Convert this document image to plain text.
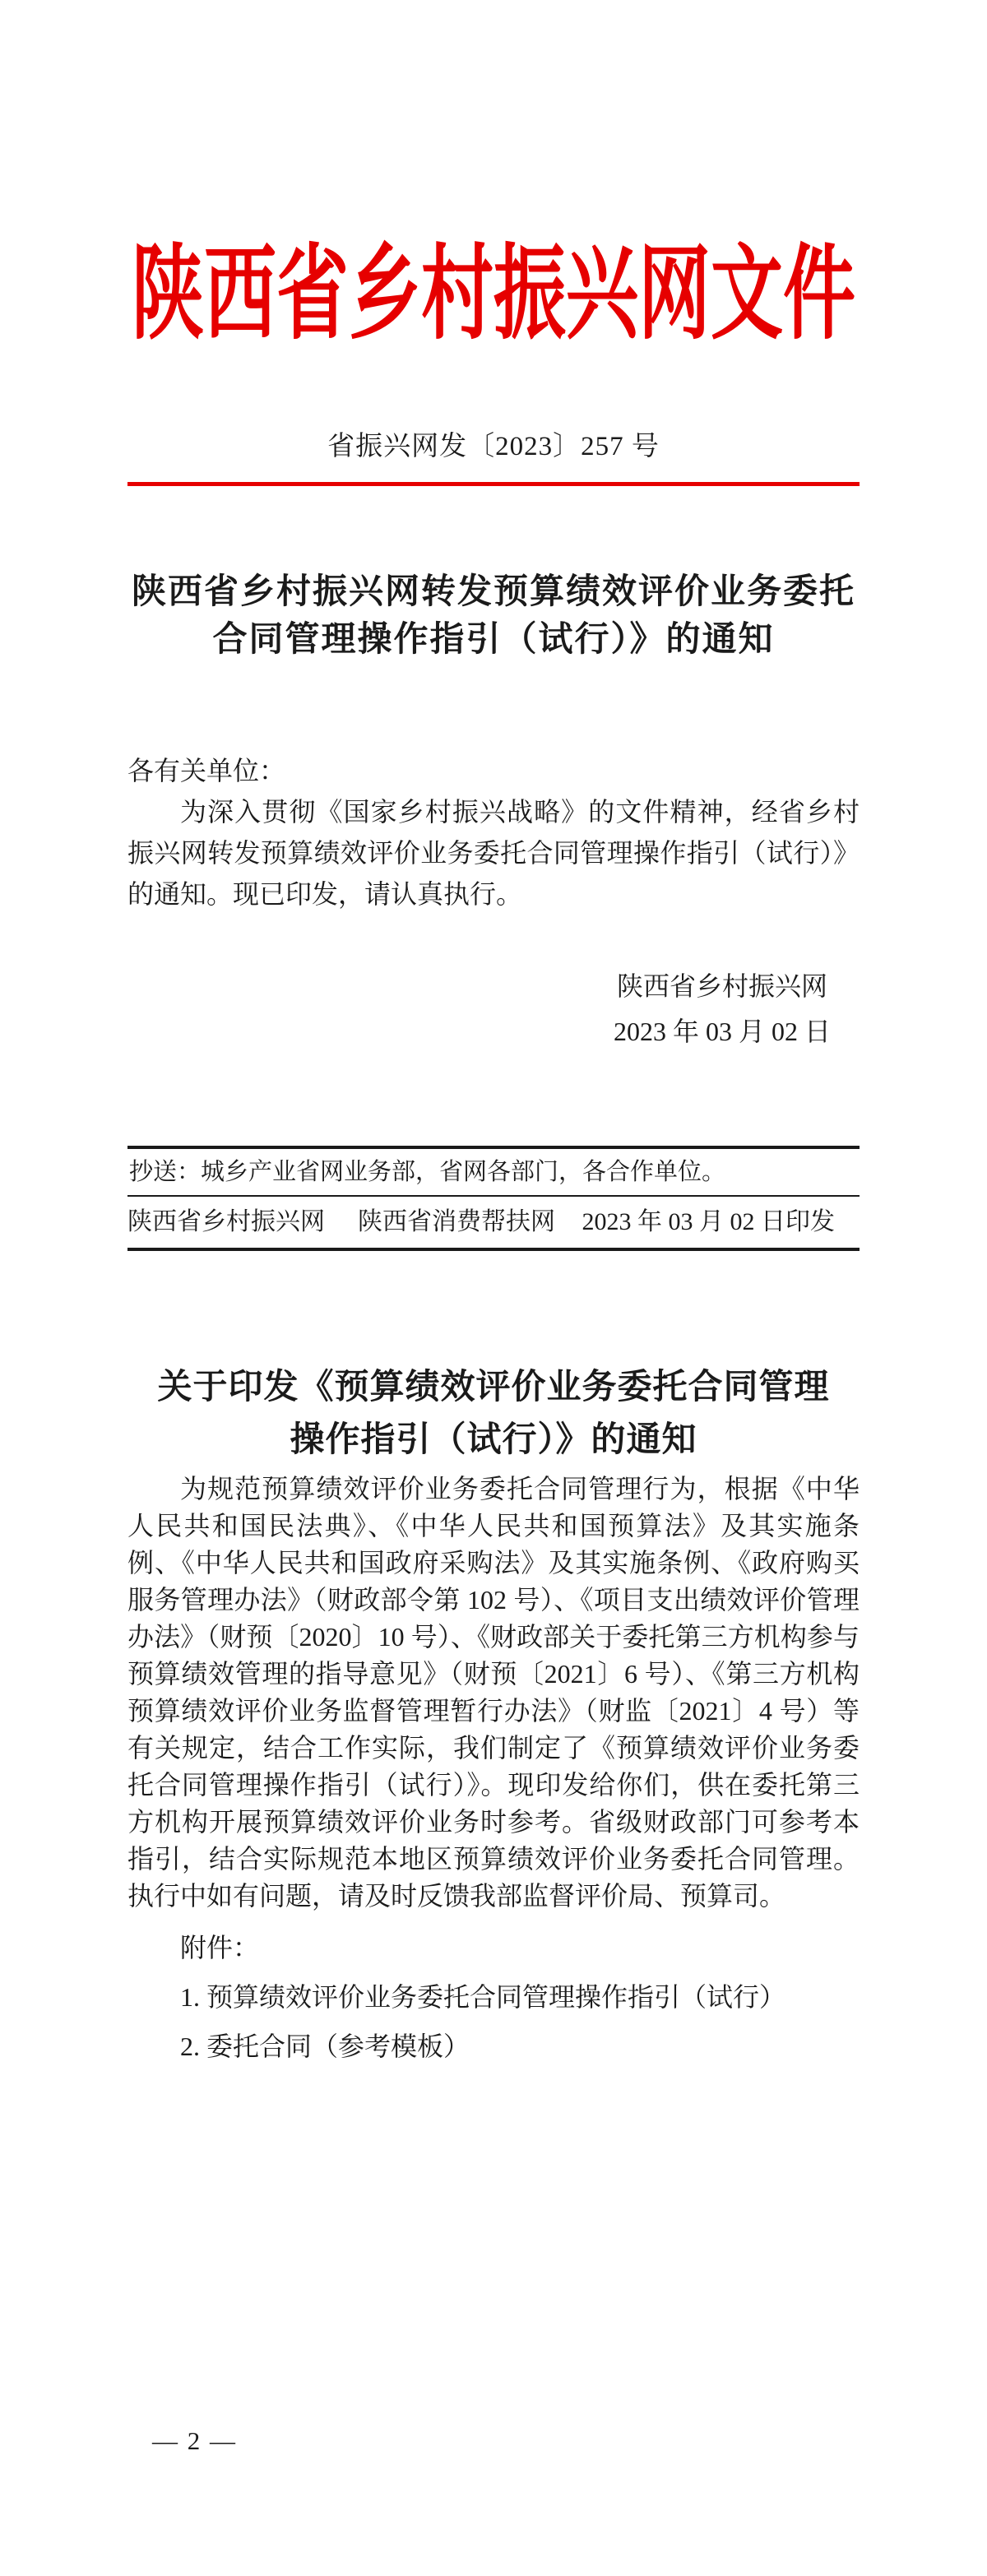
陕西省乡村振兴网文件
省振兴网发〔2023〕257 号
陕西省乡村振兴网转发预算绩效评价业务委托
合同管理操作指引（试行）》的通知
各有关单位：
为深入贯彻《国家乡村振兴战略》的文件精神，经省乡村振兴网转发预算绩效评价业务委托合同管理操作指引（试行）》的通知。现已印发，请认真执行。
陕西省乡村振兴网
2023 年 03 月 02 日
抄送：城乡产业省网业务部，省网各部门，各合作单位。
陕西省乡村振兴网 陕西省消费帮扶网 2023 年 03 月 02 日印发
关于印发《预算绩效评价业务委托合同管理
操作指引（试行）》的通知
为规范预算绩效评价业务委托合同管理行为，根据《中华人民共和国民法典》、《中华人民共和国预算法》及其实施条例、《中华人民共和国政府采购法》及其实施条例、《政府购买服务管理办法》（财政部令第 102 号）、《项目支出绩效评价管理办法》（财预〔2020〕10 号）、《财政部关于委托第三方机构参与预算绩效管理的指导意见》（财预〔2021〕6 号）、《第三方机构预算绩效评价业务监督管理暂行办法》（财监〔2021〕4 号）等有关规定，结合工作实际，我们制定了《预算绩效评价业务委托合同管理操作指引（试行）》。现印发给你们，供在委托第三方机构开展预算绩效评价业务时参考。省级财政部门可参考本指引，结合实际规范本地区预算绩效评价业务委托合同管理。执行中如有问题，请及时反馈我部监督评价局、预算司。
附件：
1. 预算绩效评价业务委托合同管理操作指引（试行）
2. 委托合同（参考模板）
— 2 —
